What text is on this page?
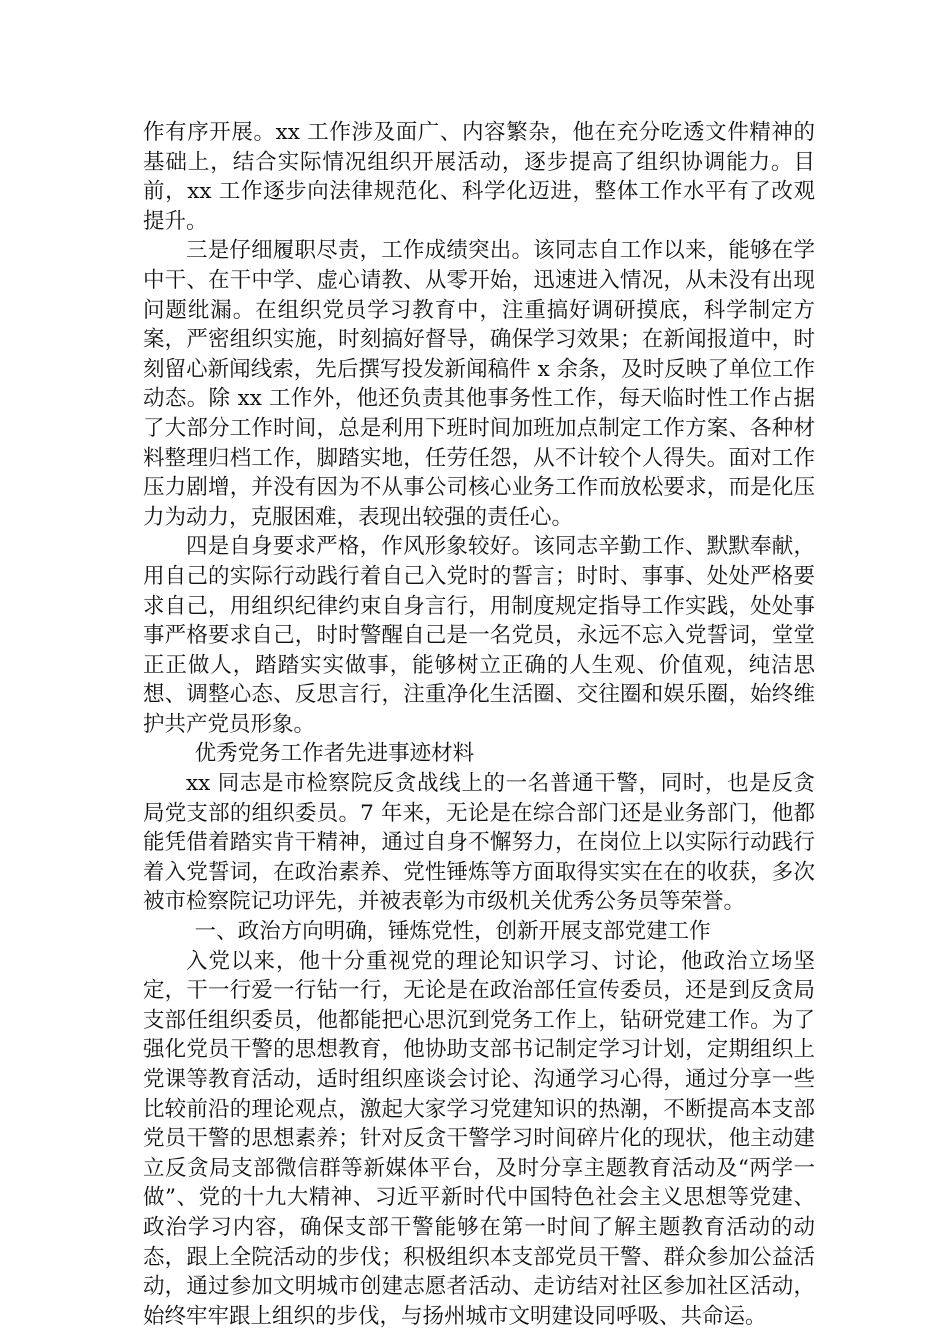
作有序开展。xx 工作涉及面广、内容繁杂，他在充分吃透文件精神的基础上，结合实际情况组织开展活动，逐步提高了组织协调能力。目前，xx 工作逐步向法律规范化、科学化迈进，整体工作水平有了改观提升。

三是仔细履职尽责，工作成绩突出。该同志自工作以来，能够在学中干、在干中学、虚心请教、从零开始，迅速进入情况，从未没有出现问题纰漏。在组织党员学习教育中，注重搞好调研摸底，科学制定方案，严密组织实施，时刻搞好督导，确保学习效果；在新闻报道中，时刻留心新闻线索，先后撰写投发新闻稿件 x 余条，及时反映了单位工作动态。除 xx 工作外，他还负责其他事务性工作，每天临时性工作占据了大部分工作时间，总是利用下班时间加班加点制定工作方案、各种材料整理归档工作，脚踏实地，任劳任怨，从不计较个人得失。面对工作压力剧增，并没有因为不从事公司核心业务工作而放松要求，而是化压力为动力，克服困难，表现出较强的责任心。

四是自身要求严格，作风形象较好。该同志辛勤工作、默默奉献，用自己的实际行动践行着自己入党时的誓言；时时、事事、处处严格要求自己，用组织纪律约束自身言行，用制度规定指导工作实践，处处事事严格要求自己，时时警醒自己是一名党员，永远不忘入党誓词，堂堂正正做人，踏踏实实做事，能够树立正确的人生观、价值观，纯洁思想、调整心态、反思言行，注重净化生活圈、交往圈和娱乐圈，始终维护共产党员形象。

优秀党务工作者先进事迹材料

xx 同志是市检察院反贪战线上的一名普通干警，同时，也是反贪局党支部的组织委员。7 年来，无论是在综合部门还是业务部门，他都能凭借着踏实肯干精神，通过自身不懈努力，在岗位上以实际行动践行着入党誓词，在政治素养、党性锤炼等方面取得实实在在的收获，多次被市检察院记功评先，并被表彰为市级机关优秀公务员等荣誉。

一、政治方向明确，锤炼党性，创新开展支部党建工作

入党以来，他十分重视党的理论知识学习、讨论，他政治立场坚定，干一行爱一行钻一行，无论是在政治部任宣传委员，还是到反贪局支部任组织委员，他都能把心思沉到党务工作上，钻研党建工作。为了强化党员干警的思想教育，他协助支部书记制定学习计划，定期组织上党课等教育活动，适时组织座谈会讨论、沟通学习心得，通过分享一些比较前沿的理论观点，激起大家学习党建知识的热潮，不断提高本支部党员干警的思想素养；针对反贪干警学习时间碎片化的现状，他主动建立反贪局支部微信群等新媒体平台，及时分享主题教育活动及“两学一做”、党的十九大精神、习近平新时代中国特色社会主义思想等党建、政治学习内容，确保支部干警能够在第一时间了解主题教育活动的动态，跟上全院活动的步伐；积极组织本支部党员干警、群众参加公益活动，通过参加文明城市创建志愿者活动、走访结对社区参加社区活动，始终牢牢跟上组织的步伐，与扬州城市文明建设同呼吸、共命运。
